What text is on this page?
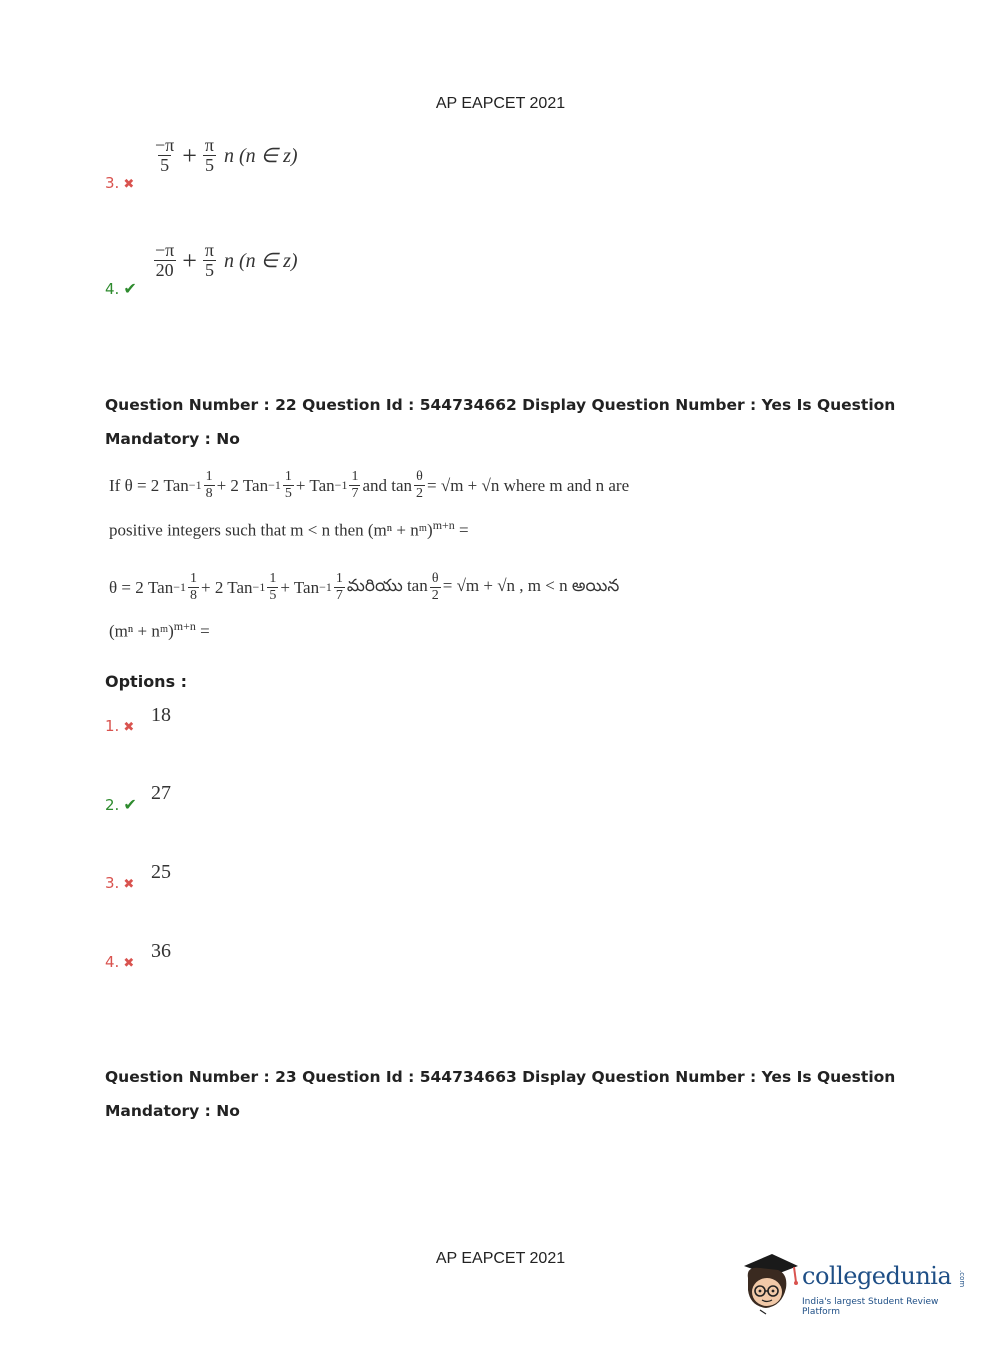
AP EAPCET 2021
3. ✖
$\frac{-\pi}{5} + \frac{\pi}{5}$ n (n ∈ z)
4. ✔
$\frac{-\pi}{20} + \frac{\pi}{5}$ n (n ∈ z)
Question Number : 22 Question Id : 544734662 Display Question Number : Yes Is Question
Mandatory : No
If θ = 2 Tan $-1 \frac{1}{8} + 2$ Tan $-1 \frac{1}{5}$ + Tan $-1 \frac{1}{7}$ and $\tan \frac{\theta}{2} = √m + √n$ where m and n are
positive integers such that m < n then (mⁿ + nᵐ)$^{m+n}$ =
θ = 2 Tan $-1 \frac{1}{8} + 2$ Tan $-1 \frac{1}{5}$ + Tan $-1 \frac{1}{7}$ మరియు $\tan \frac{\theta}{2} = √m + √n$ , m < n అయిన
(mⁿ + nᵐ)$^{m+n}$ =
Options :
1. ✖
18
2. ✔
27
3. ✖
25
4. ✖
36
Question Number : 23 Question Id : 544734663 Display Question Number : Yes Is Question
Mandatory : No
AP EAPCET 2021
collegedunia .com
India's largest Student Review Platform
